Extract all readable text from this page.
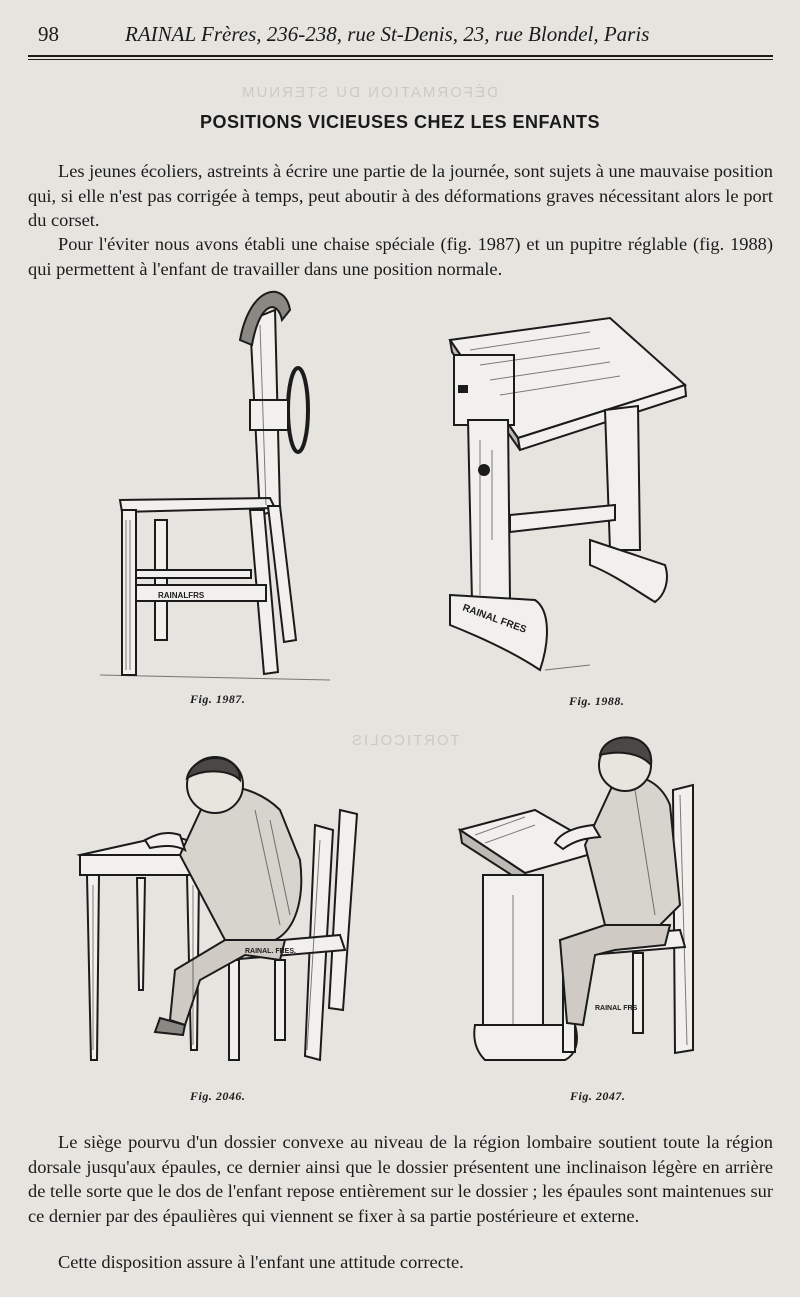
DÉFORMATION DU STERNUM
TORTICOLIS
98	RAINAL Frères, 236-238, rue St-Denis, 23, rue Blondel, Paris
POSITIONS VICIEUSES CHEZ LES ENFANTS
Les jeunes écoliers, astreints à écrire une partie de la journée, sont sujets à une mauvaise position qui, si elle n'est pas corrigée à temps, peut aboutir à des déformations graves nécessitant alors le port du corset.
Pour l'éviter nous avons établi une chaise spéciale (fig. 1987) et un pupitre réglable (fig. 1988) qui permettent à l'enfant de travailler dans une position normale.
RAINALFRS
Fig. 1987.
RAINAL FRES
Fig. 1988.
RAINAL. FRES.
Fig. 2046.
RAINAL FRS
Fig. 2047.
Le siège pourvu d'un dossier convexe au niveau de la région lombaire soutient toute la région dorsale jusqu'aux épaules, ce dernier ainsi que le dossier présentent une inclinaison légère en arrière de telle sorte que le dos de l'enfant repose entièrement sur le dossier ; les épaules sont maintenues sur ce dernier par des épaulières qui viennent se fixer à sa partie postérieure et externe.
Cette disposition assure à l'enfant une attitude correcte.
